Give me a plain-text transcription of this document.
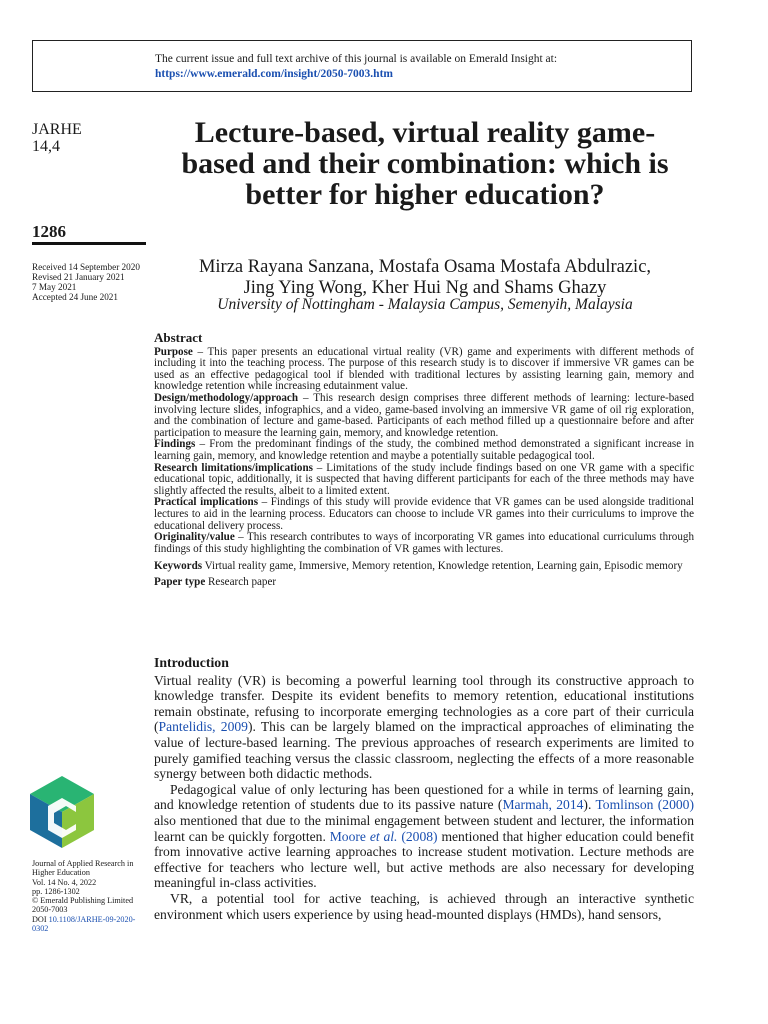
The current issue and full text archive of this journal is available on Emerald Insight at:
https://www.emerald.com/insight/2050-7003.htm
JARHE
14,4
1286
Received 14 September 2020
Revised 21 January 2021
7 May 2021
Accepted 24 June 2021
Journal of Applied Research in
Higher Education
Vol. 14 No. 4, 2022
pp. 1286-1302
© Emerald Publishing Limited
2050-7003
DOI 10.1108/JARHE-09-2020-0302
Lecture-based, virtual reality game-based and their combination: which is better for higher education?
Mirza Rayana Sanzana, Mostafa Osama Mostafa Abdulrazic,
Jing Ying Wong, Kher Hui Ng and Shams Ghazy
University of Nottingham - Malaysia Campus, Semenyih, Malaysia
Abstract

Purpose – This paper presents an educational virtual reality (VR) game and experiments with different methods of including it into the teaching process. The purpose of this research study is to discover if immersive VR games can be used as an effective pedagogical tool if blended with traditional lectures by assisting learning gain, memory and knowledge retention while increasing edutainment value.

Design/methodology/approach – This research design comprises three different methods of learning: lecture-based involving lecture slides, infographics, and a video, game-based involving an immersive VR game of oil rig exploration, and the combination of lecture and game-based. Participants of each method filled up a questionnaire before and after participation to measure the learning gain, memory, and knowledge retention.

Findings – From the predominant findings of the study, the combined method demonstrated a significant increase in learning gain, memory, and knowledge retention and maybe a potentially suitable pedagogical tool.

Research limitations/implications – Limitations of the study include findings based on one VR game with a specific educational topic, additionally, it is suspected that having different participants for each of the three methods may have slightly affected the results, albeit to a limited extent.

Practical implications – Findings of this study will provide evidence that VR games can be used alongside traditional lectures to aid in the learning process. Educators can choose to include VR games into their curriculums to improve the educational delivery process.

Originality/value – This research contributes to ways of incorporating VR games into educational curriculums through findings of this study highlighting the combination of VR games with lectures.

Keywords Virtual reality game, Immersive, Memory retention, Knowledge retention, Learning gain, Episodic memory

Paper type Research paper

Introduction

Virtual reality (VR) is becoming a powerful learning tool through its constructive approach to knowledge transfer. Despite its evident benefits to memory retention, educational institutions remain obstinate, refusing to incorporate emerging technologies as a core part of their curricula (Pantelidis, 2009). This can be largely blamed on the impractical approaches of eliminating the value of lecture-based learning. The previous approaches of research experiments are limited to purely gamified teaching versus the classic classroom, neglecting the effects of a more reasonable synergy between both didactic methods.

Pedagogical value of only lecturing has been questioned for a while in terms of learning gain, and knowledge retention of students due to its passive nature (Marmah, 2014). Tomlinson (2000) also mentioned that due to the minimal engagement between student and lecturer, the information learnt can be quickly forgotten. Moore et al. (2008) mentioned that higher education could benefit from innovative active learning approaches to increase student motivation. Lecture methods are effective for teachers who lecture well, but active methods are also necessary for developing meaningful in-class activities.

VR, a potential tool for active teaching, is achieved through an interactive synthetic environment which users experience by using head-mounted displays (HMDs), hand sensors,
